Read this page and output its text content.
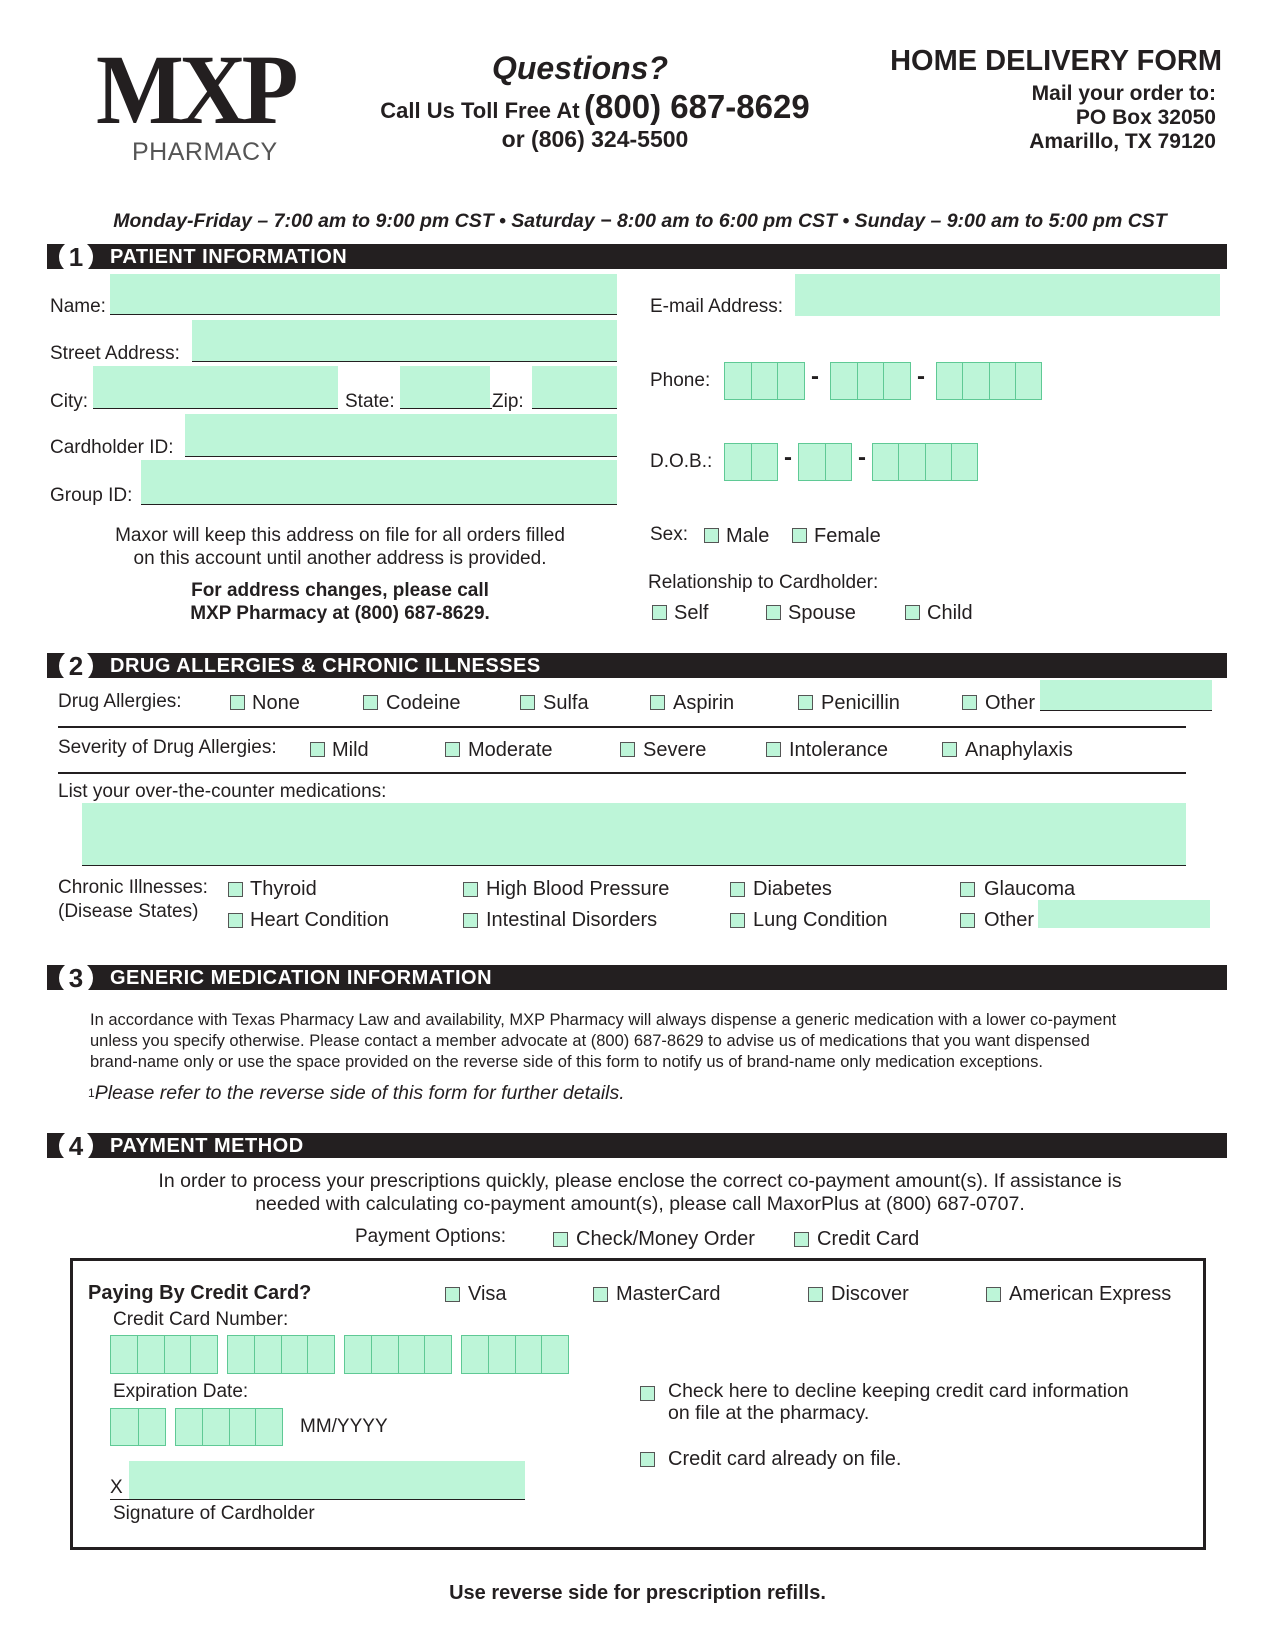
MXP
PHARMACY
Questions?
Call Us Toll Free At (800) 687-8629
or (806) 324-5500
HOME DELIVERY FORM
Mail your order to:
PO Box 32050
Amarillo, TX 79120
Monday-Friday – 7:00 am to 9:00 pm CST • Saturday − 8:00 am to 6:00 pm CST • Sunday – 9:00 am to 5:00 pm CST
1	PATIENT INFORMATION
Name:
Street Address:
City:	State:	Zip:
Cardholder ID:
Group ID:
Maxor will keep this address on file for all orders filled
on this account until another address is provided.
For address changes, please call
MXP Pharmacy at (800) 687-8629.
E-mail Address:
Phone:	-	-
D.O.B.:	-	-
Sex: Male Female
Relationship to Cardholder:
Self	Spouse	Child
2	DRUG ALLERGIES & CHRONIC ILLNESSES
Drug Allergies:	None	Codeine	Sulfa	Aspirin	Penicillin	Other
Severity of Drug Allergies:	Mild	Moderate	Severe	Intolerance	Anaphylaxis
List your over-the-counter medications:
Chronic Illnesses:
(Disease States)
Thyroid	High Blood Pressure	Diabetes	Glaucoma
Heart Condition	Intestinal Disorders	Lung Condition	Other
3	GENERIC MEDICATION INFORMATION
In accordance with Texas Pharmacy Law and availability, MXP Pharmacy will always dispense a generic medication with a lower co-payment
unless you specify otherwise. Please contact a member advocate at (800) 687-8629 to advise us of medications that you want dispensed
brand-name only or use the space provided on the reverse side of this form to notify us of brand-name only medication exceptions.
1Please refer to the reverse side of this form for further details.
4	PAYMENT METHOD
In order to process your prescriptions quickly, please enclose the correct co-payment amount(s). If assistance is
needed with calculating co-payment amount(s), please call MaxorPlus at (800) 687-0707.
Payment Options:	Check/Money Order	Credit Card
Paying By Credit Card?	Visa	MasterCard	Discover	American Express
Credit Card Number:
Expiration Date:
MM/YYYY
Check here to decline keeping credit card information
on file at the pharmacy.
Credit card already on file.
X
Signature of Cardholder
Use reverse side for prescription refills.
